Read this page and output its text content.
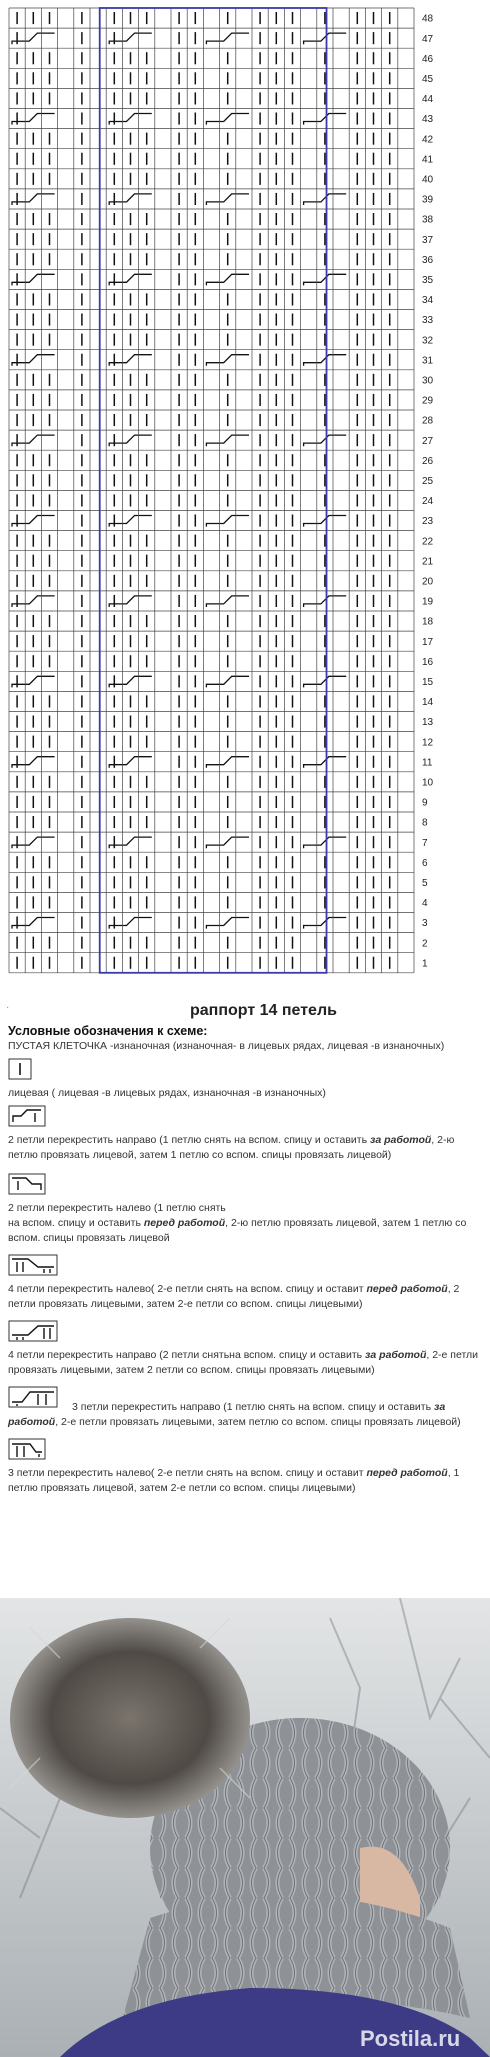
1
2
3
4
5
6
7
8
9
10
11
12
13
14
15
16
17
18
19
20
21
22
23
24
25
26
27
28
29
30
31
32
33
34
35
36
37
38
39
40
41
42
43
44
45
46
47
48
·	раппорт 14 петель
Условные обозначения к схеме:

ПУСТАЯ КЛЕТОЧКА -изнаночная (изнаночная- в лицевых рядах, лицевая -в изнаночных)

лицевая ( лицевая -в лицевых рядах, изнаночная -в изнаночных)

2 петли перекрестить направо (1 петлю снять на вспом. спицу и оставить за работой, 2-ю петлю провязать лицевой, затем 1 петлю со вспом. спицы провязать лицевой)

2 петли перекрестить налево (1 петлю снять

на вспом. спицу и оставить перед работой, 2-ю петлю провязать лицевой, затем 1 петлю со вспом. спицы провязать лицевой

4 петли перекрестить налево( 2-е петли снять на вспом. спицу и оставит перед работой, 2 петли провязать лицевыми, затем 2-е петли со вспом. спицы лицевыми)

4 петли перекрестить направо (2 петли снятьна вспом. спицу и оставить за работой, 2-е петли провязать лицевыми, затем 2 петли со вспом. спицы провязать лицевыми)

3 петли перекрестить направо (1 петлю снять на вспом. спицу и оставить за работой, 2-е петли провязать лицевыми, затем петлю со вспом. спицы провязать лицевой)

3 петли перекрестить налево( 2-е петли снять на вспом. спицу и оставит перед работой, 1 петлю провязать лицевой, затем 2-е петли со вспом. спицы лицевыми)

Postila.ru
